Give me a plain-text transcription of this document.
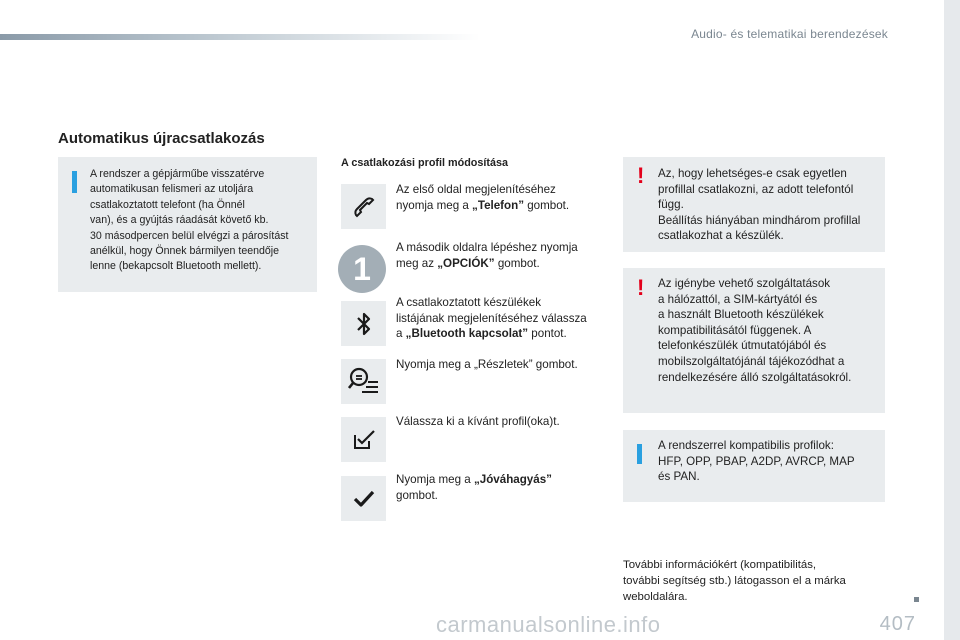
Audio- és telematikai berendezések
Automatikus újracsatlakozás
A rendszer a gépjárműbe visszatérve
automatikusan felismeri az utoljára
csatlakoztatott telefont (ha Önnél
van), és a gyújtás ráadását követő kb.
30 másodpercen belül elvégzi a párosítást
anélkül, hogy Önnek bármilyen teendője
lenne (bekapcsolt Bluetooth mellett).
A csatlakozási profil módosítása
Az első oldal megjelenítéséhez
nyomja meg a „Telefon” gombot.
1
A második oldalra lépéshez nyomja
meg az „OPCIÓK” gombot.
A csatlakoztatott készülékek
listájának megjelenítéséhez válassza
a „Bluetooth kapcsolat” pontot.
Nyomja meg a „Részletek” gombot.
Válassza ki a kívánt profil(oka)t.
Nyomja meg a „Jóváhagyás”
gombot.
! Az, hogy lehetséges-e csak egyetlen
profillal csatlakozni, az adott telefontól
függ.
Beállítás hiányában mindhárom profillal
csatlakozhat a készülék.
! Az igénybe vehető szolgáltatások
a hálózattól, a SIM-kártyától és
a használt Bluetooth készülékek
kompatibilitásától függenek. A
telefonkészülék útmutatójából és
mobilszolgáltatójánál tájékozódhat a
rendelkezésére álló szolgáltatásokról.
A rendszerrel kompatibilis profilok:
HFP, OPP, PBAP, A2DP, AVRCP, MAP
és PAN.
További információkért (kompatibilitás,
további segítség stb.) látogasson el a márka
weboldalára.
407
carmanualsonline.info
